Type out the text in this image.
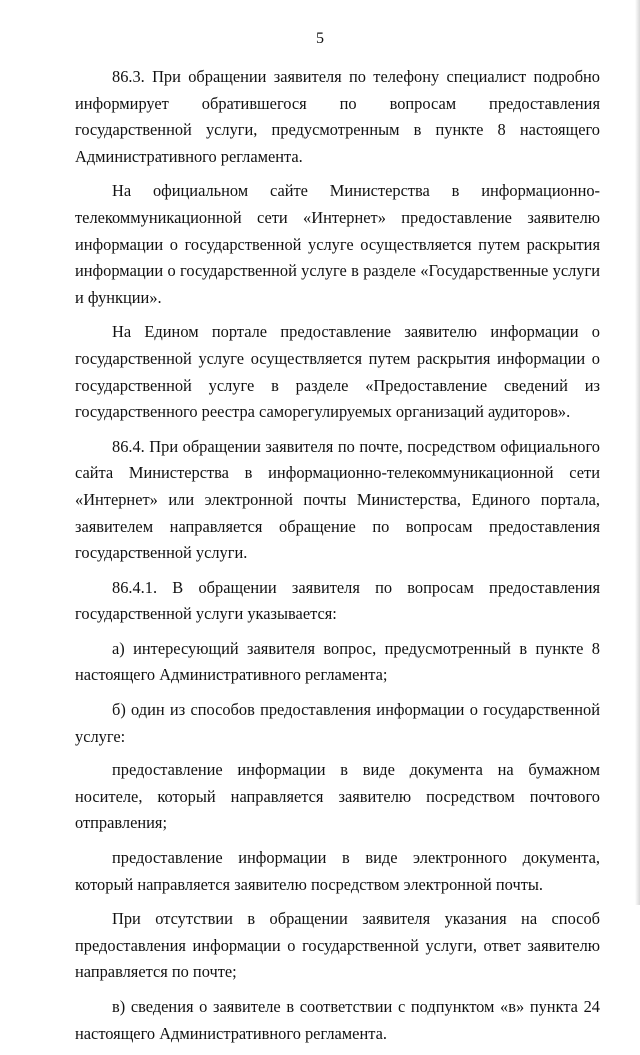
5

86.3. При обращении заявителя по телефону специалист подробно информирует обратившегося по вопросам предоставления государственной услуги, предусмотренным в пункте 8 настоящего Административного регламента.

На официальном сайте Министерства в информационно-телекоммуникационной сети «Интернет» предоставление заявителю информации о государственной услуге осуществляется путем раскрытия информации о государственной услуге в разделе «Государственные услуги и функции».

На Едином портале предоставление заявителю информации о государственной услуге осуществляется путем раскрытия информации о государственной услуге в разделе «Предоставление сведений из государственного реестра саморегулируемых организаций аудиторов».

86.4. При обращении заявителя по почте, посредством официального сайта Министерства в информационно-телекоммуникационной сети «Интернет» или электронной почты Министерства, Единого портала, заявителем направляется обращение по вопросам предоставления государственной услуги.

86.4.1. В обращении заявителя по вопросам предоставления государственной услуги указывается:

а) интересующий заявителя вопрос, предусмотренный в пункте 8 настоящего Административного регламента;

б) один из способов предоставления информации о государственной услуге:

предоставление информации в виде документа на бумажном носителе, который направляется заявителю посредством почтового отправления;

предоставление информации в виде электронного документа, который направляется заявителю посредством электронной почты.

При отсутствии в обращении заявителя указания на способ предоставления информации о государственной услуги, ответ заявителю направляется по почте;

в) сведения о заявителе в соответствии с подпунктом «в» пункта 24 настоящего Административного регламента.
